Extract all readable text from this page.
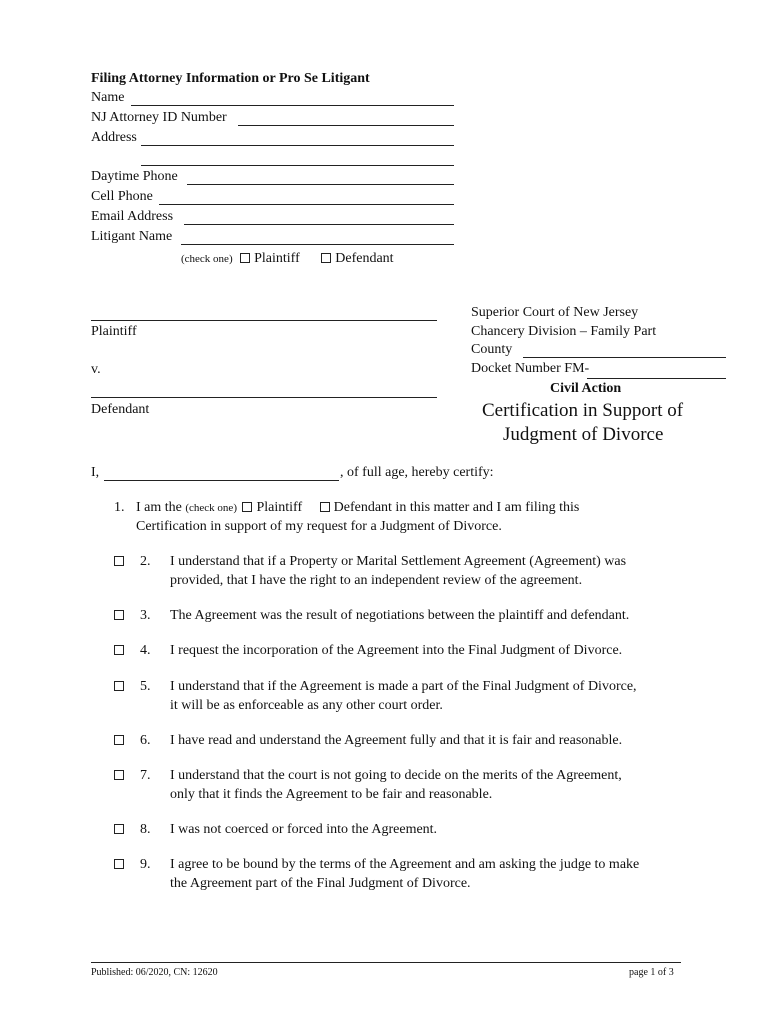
Filing Attorney Information or Pro Se Litigant
Name
NJ Attorney ID Number
Address
Daytime Phone
Cell Phone
Email Address
Litigant Name
(check one) Plaintiff	Defendant
Plaintiff
v.
Defendant
Superior Court of New Jersey
Chancery Division – Family Part
County
Docket Number FM-
Civil Action
Certification in Support of
Judgment of Divorce
I,	, of full age, hereby certify:
1. I am the (check one) Plaintiff Defendant in this matter and I am filing this
Certification in support of my request for a Judgment of Divorce.
2. I understand that if a Property or Marital Settlement Agreement (Agreement) was
provided, that I have the right to an independent review of the agreement.
3. The Agreement was the result of negotiations between the plaintiff and defendant.
4. I request the incorporation of the Agreement into the Final Judgment of Divorce.
5. I understand that if the Agreement is made a part of the Final Judgment of Divorce,
it will be as enforceable as any other court order.
6. I have read and understand the Agreement fully and that it is fair and reasonable.
7. I understand that the court is not going to decide on the merits of the Agreement,
only that it finds the Agreement to be fair and reasonable.
8. I was not coerced or forced into the Agreement.
9. I agree to be bound by the terms of the Agreement and am asking the judge to make
the Agreement part of the Final Judgment of Divorce.
Published: 06/2020, CN: 12620	page 1 of 3
